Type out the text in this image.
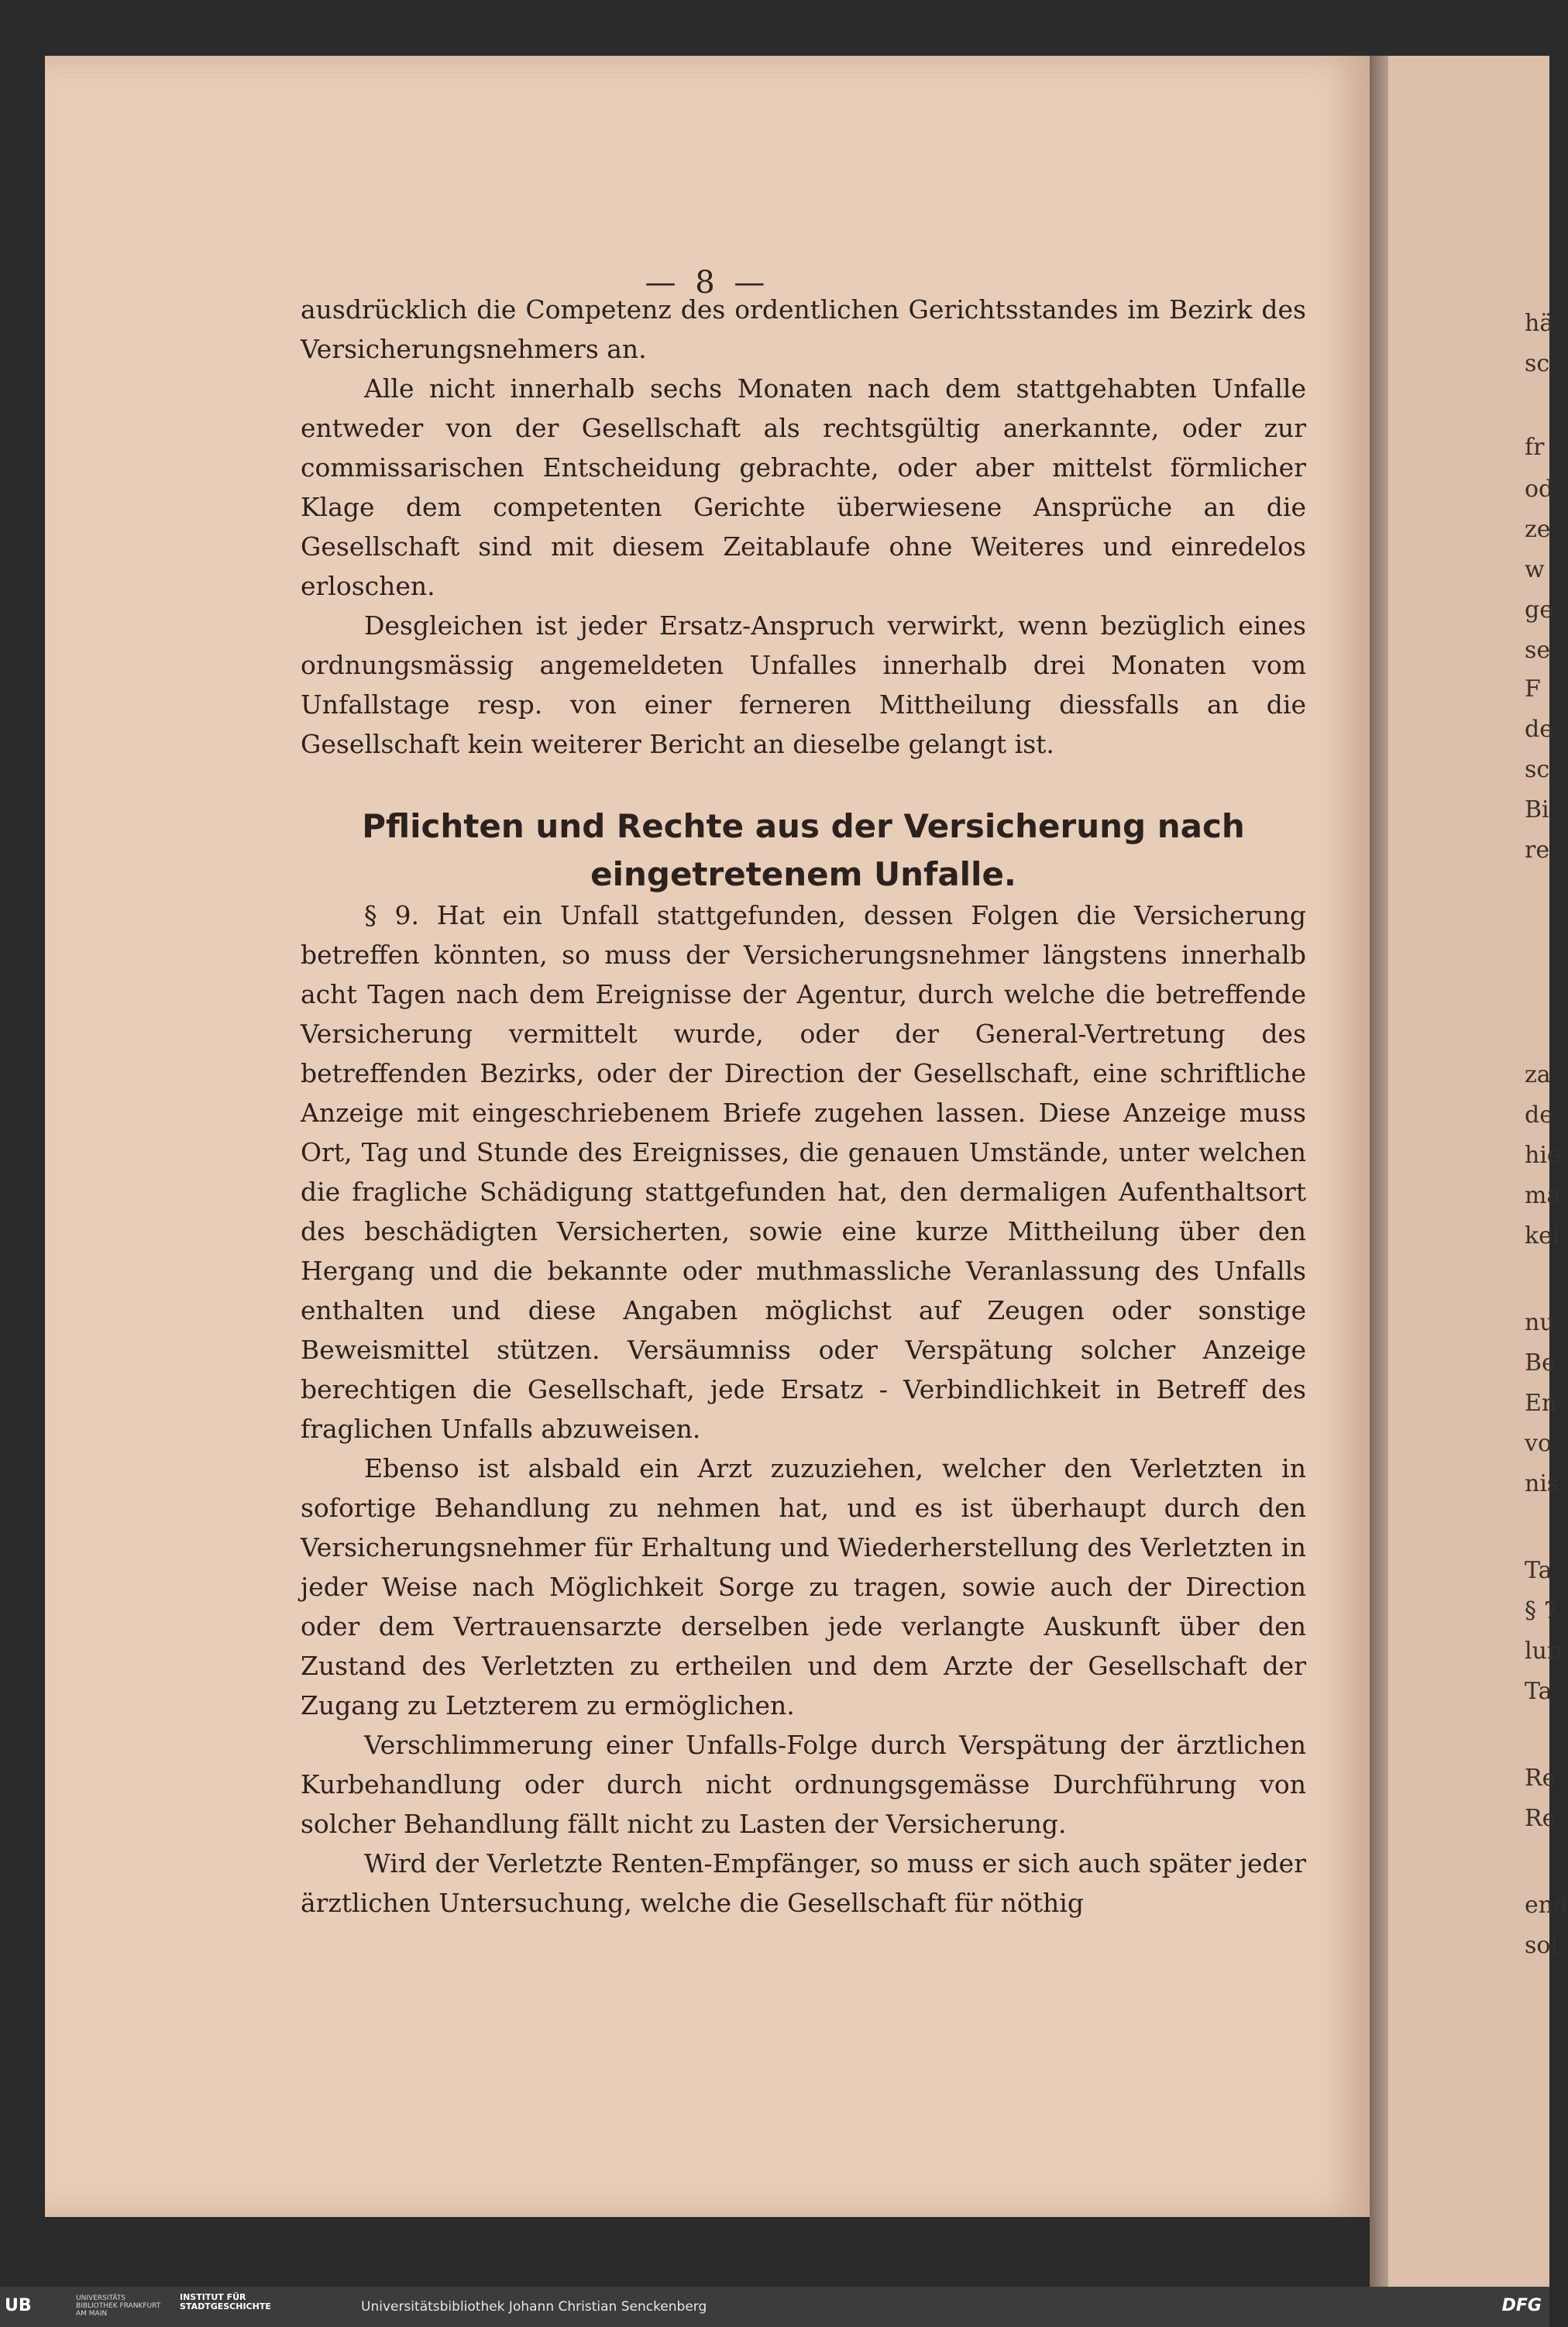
— 8 —

ausdrücklich die Competenz des ordentlichen Gerichtsstandes im Bezirk des Versicherungsnehmers an.

Alle nicht innerhalb sechs Monaten nach dem stattgehabten Unfalle entweder von der Gesellschaft als rechtsgültig anerkannte, oder zur commissarischen Entscheidung gebrachte, oder aber mittelst förmlicher Klage dem competenten Gerichte überwiesene Ansprüche an die Gesellschaft sind mit diesem Zeitablaufe ohne Weiteres und einredelos erloschen.

Desgleichen ist jeder Ersatz-Anspruch verwirkt, wenn bezüglich eines ordnungsmässig angemeldeten Unfalles innerhalb drei Monaten vom Unfallstage resp. von einer ferneren Mittheilung diessfalls an die Gesellschaft kein weiterer Bericht an dieselbe gelangt ist.

Pflichten und Rechte aus der Versicherung nach
eingetretenem Unfalle.

§ 9. Hat ein Unfall stattgefunden, dessen Folgen die Versicherung betreffen könnten, so muss der Versicherungsnehmer längstens innerhalb acht Tagen nach dem Ereignisse der Agentur, durch welche die betreffende Versicherung vermittelt wurde, oder der General-Vertretung des betreffenden Bezirks, oder der Direction der Gesellschaft, eine schriftliche Anzeige mit eingeschriebenem Briefe zugehen lassen. Diese Anzeige muss Ort, Tag und Stunde des Ereignisses, die genauen Umstände, unter welchen die fragliche Schädigung stattgefunden hat, den dermaligen Aufenthaltsort des beschädigten Versicherten, sowie eine kurze Mittheilung über den Hergang und die bekannte oder muthmassliche Veranlassung des Unfalls enthalten und diese Angaben möglichst auf Zeugen oder sonstige Beweismittel stützen. Versäumniss oder Verspätung solcher Anzeige berechtigen die Gesellschaft, jede Ersatz - Verbindlichkeit in Betreff des fraglichen Unfalls abzuweisen.

Ebenso ist alsbald ein Arzt zuzuziehen, welcher den Verletzten in sofortige Behandlung zu nehmen hat, und es ist überhaupt durch den Versicherungsnehmer für Erhaltung und Wiederherstellung des Verletzten in jeder Weise nach Möglichkeit Sorge zu tragen, sowie auch der Direction oder dem Vertrauensarzte derselben jede verlangte Auskunft über den Zustand des Verletzten zu ertheilen und dem Arzte der Gesellschaft der Zugang zu Letzterem zu ermöglichen.

Verschlimmerung einer Unfalls-Folge durch Verspätung der ärztlichen Kurbehandlung oder durch nicht ordnungsgemässe Durchführung von solcher Behandlung fällt nicht zu Lasten der Versicherung.

Wird der Verletzte Renten-Empfänger, so muss er sich auch später jeder ärztlichen Untersuchung, welche die Gesellschaft für nöthig

hä
sc
fr
od
ze
w
ge
se
F
de
sc
Bi
re
za
de
hie
ma
kei
nu
Be
En
vo
nis
Ta
§ 7
lun
Ta
Re
Re
end
sol
UB	UNIVERSITÄTS BIBLIOTHEK FRANKFURT AM MAIN
INSTITUT FÜR STADTGESCHICHTE	Universitätsbibliothek Johann Christian Senckenberg	DFG
